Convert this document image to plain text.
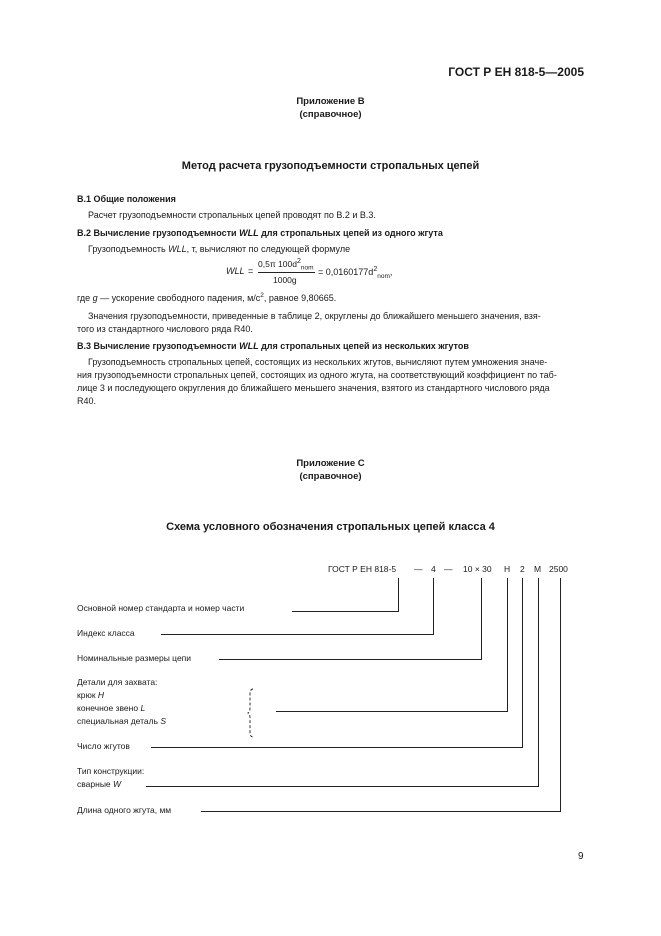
ГОСТ Р ЕН 818-5—2005
Приложение В
(справочное)
Метод расчета грузоподъемности стропальных цепей
В.1 Общие положения
Расчет грузоподъемности стропальных цепей проводят по В.2 и В.3.
В.2 Вычисление грузоподъемности WLL для стропальных цепей из одного жгута
Грузоподъемность WLL, т, вычисляют по следующей формуле
WLL =
0,5π $100d^2_{nom}$
1000g
= $0,0160177d^2_{nom}$,
где g — ускорение свободного падения, $м/с^2$, равное 9,80665.
Значения грузоподъемности, приведенные в таблице 2, округлены до ближайшего меньшего значения, взя-
того из стандартного числового ряда R40.
В.3 Вычисление грузоподъемности WLL для стропальных цепей из нескольких жгутов
Грузоподъемность стропальных цепей, состоящих из нескольких жгутов, вычисляют путем умножения значе-
ния грузоподъемности стропальных цепей, состоящих из одного жгута, на соответствующий коэффициент по таб-
лице 3 и последующего округления до ближайшего меньшего значения, взятого из стандартного числового ряда
R40.
Приложение С
(справочное)
Схема условного обозначения стропальных цепей класса 4
ГОСТ Р ЕН 818-5 — 4 — 10 × 30 H 2 M 2500
Основной номер стандарта и номер части
Индекс класса
Номинальные размеры цепи
Детали для захвата:
крюк H
конечное звено L
специальная деталь S
Число жгутов
Тип конструкции:
сварные W
Длина одного жгута, мм
9
